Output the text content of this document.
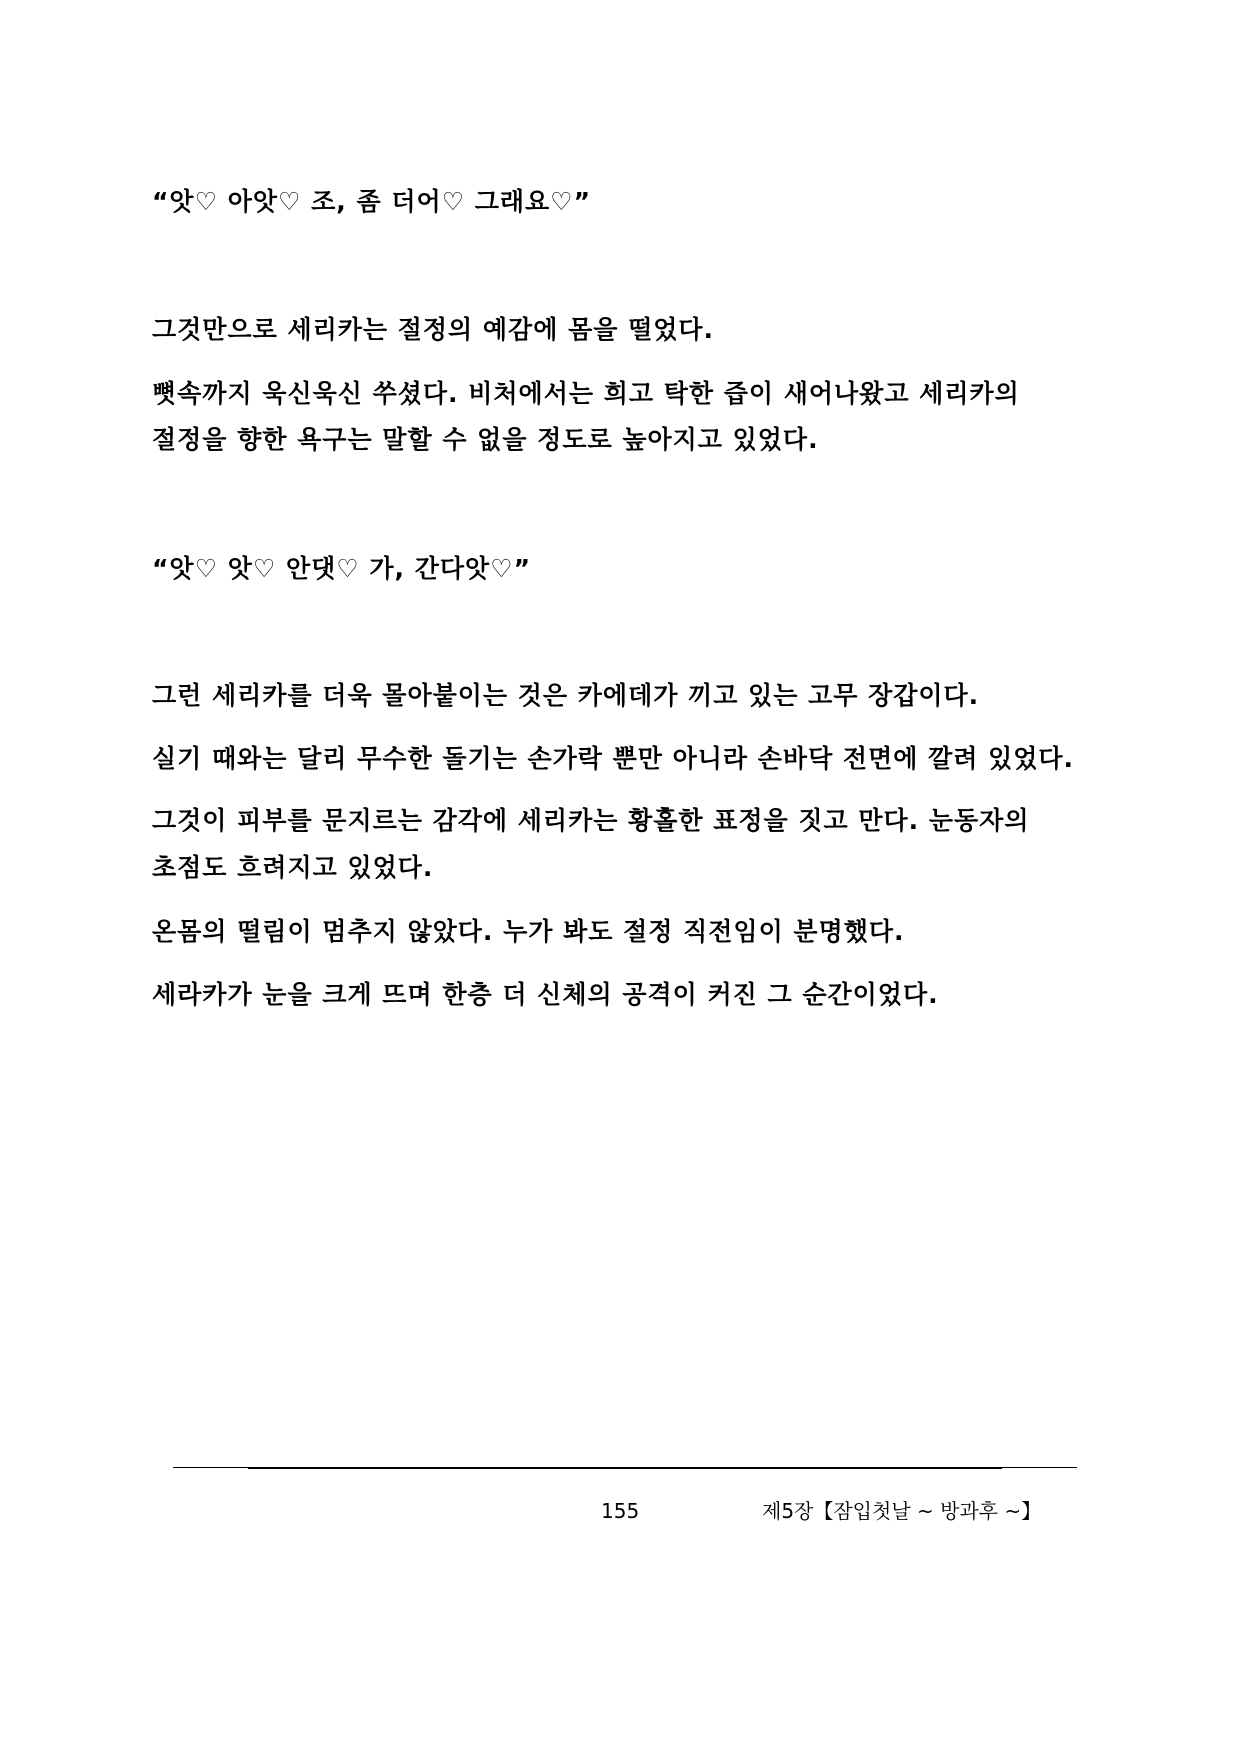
“앗♡ 아앗♡ 조, 좀 더어♡ 그래요♡”
그것만으로 세리카는 절정의 예감에 몸을 떨었다.
뼛속까지 욱신욱신 쑤셨다. 비처에서는 희고 탁한 즙이 새어나왔고 세리카의
절정을 향한 욕구는 말할 수 없을 정도로 높아지고 있었다.
“앗♡ 앗♡ 안댓♡ 가, 간다앗♡”
그런 세리카를 더욱 몰아붙이는 것은 카에데가 끼고 있는 고무 장갑이다.
실기 때와는 달리 무수한 돌기는 손가락 뿐만 아니라 손바닥 전면에 깔려 있었다.
그것이 피부를 문지르는 감각에 세리카는 황홀한 표정을 짓고 만다. 눈동자의
초점도 흐려지고 있었다.
온몸의 떨림이 멈추지 않았다. 누가 봐도 절정 직전임이 분명했다.
세라카가 눈을 크게 뜨며 한층 더 신체의 공격이 커진 그 순간이었다.
155	제5장【잠입첫날 ~ 방과후 ~】
